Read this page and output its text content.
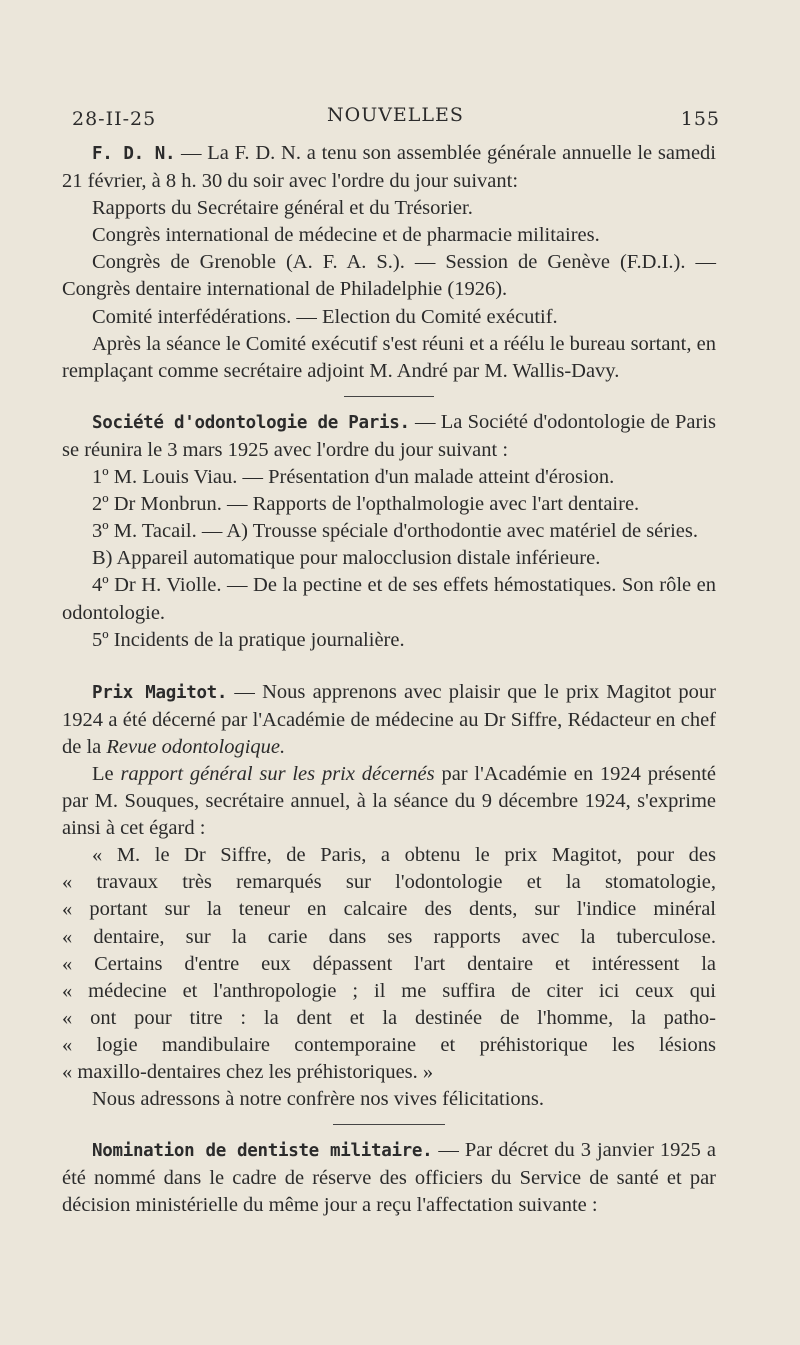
28-II-25	NOUVELLES	155

F. D. N. — La F. D. N. a tenu son assemblée générale annuelle le samedi 21 février, à 8 h. 30 du soir avec l'ordre du jour suivant:

Rapports du Secrétaire général et du Trésorier.

Congrès international de médecine et de pharmacie militaires.

Congrès de Grenoble (A. F. A. S.). — Session de Genève (F.D.I.). — Congrès dentaire international de Philadelphie (1926).

Comité interfédérations. — Election du Comité exécutif.

Après la séance le Comité exécutif s'est réuni et a réélu le bureau sortant, en remplaçant comme secrétaire adjoint M. André par M. Wallis-Davy.

Société d'odontologie de Paris. — La Société d'odontologie de Paris se réunira le 3 mars 1925 avec l'ordre du jour suivant :

1º M. Louis Viau. — Présentation d'un malade atteint d'érosion.

2º Dr Monbrun. — Rapports de l'opthalmologie avec l'art dentaire.

3º M. Tacail. — A) Trousse spéciale d'orthodontie avec matériel de séries.

B) Appareil automatique pour malocclusion distale inférieure.

4º Dr H. Violle. — De la pectine et de ses effets hémostatiques. Son rôle en odontologie.

5º Incidents de la pratique journalière.

Prix Magitot. — Nous apprenons avec plaisir que le prix Magitot pour 1924 a été décerné par l'Académie de médecine au Dr Siffre, Rédacteur en chef de la Revue odontologique.

Le rapport général sur les prix décernés par l'Académie en 1924 présenté par M. Souques, secrétaire annuel, à la séance du 9 décembre 1924, s'exprime ainsi à cet égard :

« M. le Dr Siffre, de Paris, a obtenu le prix Magitot, pour des
« travaux très remarqués sur l'odontologie et la stomatologie,
« portant sur la teneur en calcaire des dents, sur l'indice minéral
« dentaire, sur la carie dans ses rapports avec la tuberculose.
« Certains d'entre eux dépassent l'art dentaire et intéressent la
« médecine et l'anthropologie ; il me suffira de citer ici ceux qui
« ont pour titre : la dent et la destinée de l'homme, la patho-
« logie mandibulaire contemporaine et préhistorique les lésions
« maxillo-dentaires chez les préhistoriques. »

Nous adressons à notre confrère nos vives félicitations.

Nomination de dentiste militaire. — Par décret du 3 janvier 1925 a été nommé dans le cadre de réserve des officiers du Service de santé et par décision ministérielle du même jour a reçu l'affectation suivante :
